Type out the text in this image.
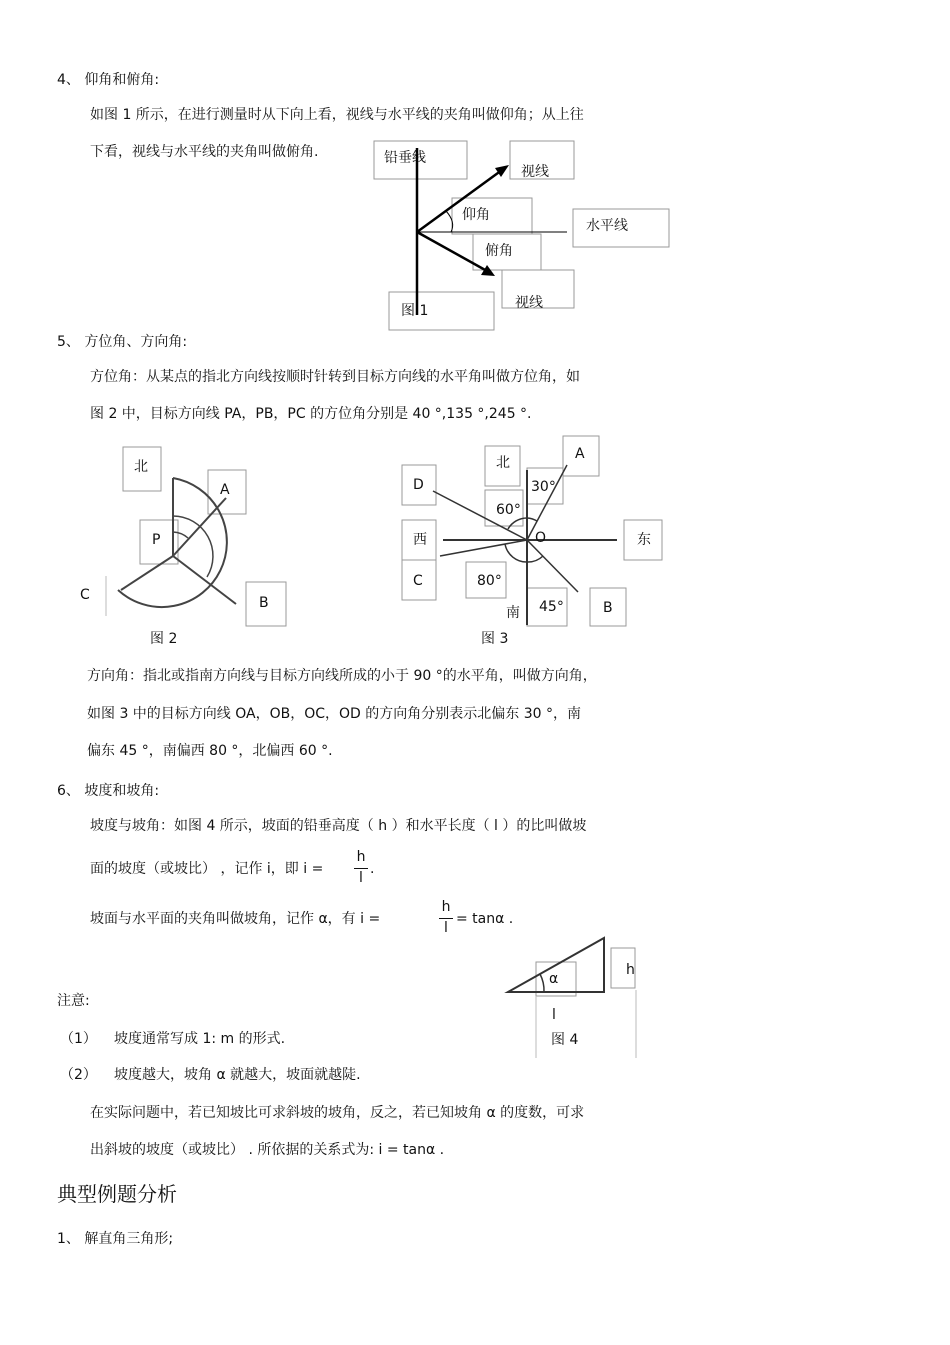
4、 仰角和俯角:
如图 1 所示，在进行测量时从下向上看，视线与水平线的夹角叫做仰角；从上往
下看，视线与水平线的夹角叫做俯角.	铅垂线
视线
仰角
水平线
俯角
视线
图 1
5、 方位角、方向角:
方位角：从某点的指北方向线按顺时针转到目标方向线的水平角叫做方位角，如
图 2 中，目标方向线 PA，PB，PC 的方位角分别是 40 °,135 °,245 °.
北
A
P
C	B
图 2
北
A
D	30°
60°
西	O	东
C	80°
南 45°	B
图 3
方向角：指北或指南方向线与目标方向线所成的小于 90 °的水平角，叫做方向角，
如图 3 中的目标方向线 OA，OB，OC，OD 的方向角分别表示北偏东 30 °，南
偏东 45 °，南偏西 80 °，北偏西 60 °.
6、 坡度和坡角:
坡度与坡角：如图 4 所示，坡面的铅垂高度（ h ）和水平长度（ l ）的比叫做坡
面的坡度（或坡比） ，记作 i，即 i =
h
l
.
坡面与水平面的夹角叫做坡角，记作 α，有 i =
h
l
= tanα .
α
h
l
图 4
注意:
（1） 坡度通常写成 1: m 的形式.
（2） 坡度越大，坡角 α 就越大，坡面就越陡.
在实际问题中，若已知坡比可求斜坡的坡角，反之，若已知坡角 α 的度数，可求
出斜坡的坡度（或坡比） . 所依据的关系式为: i = tanα .
典型例题分析
1、 解直角三角形;
